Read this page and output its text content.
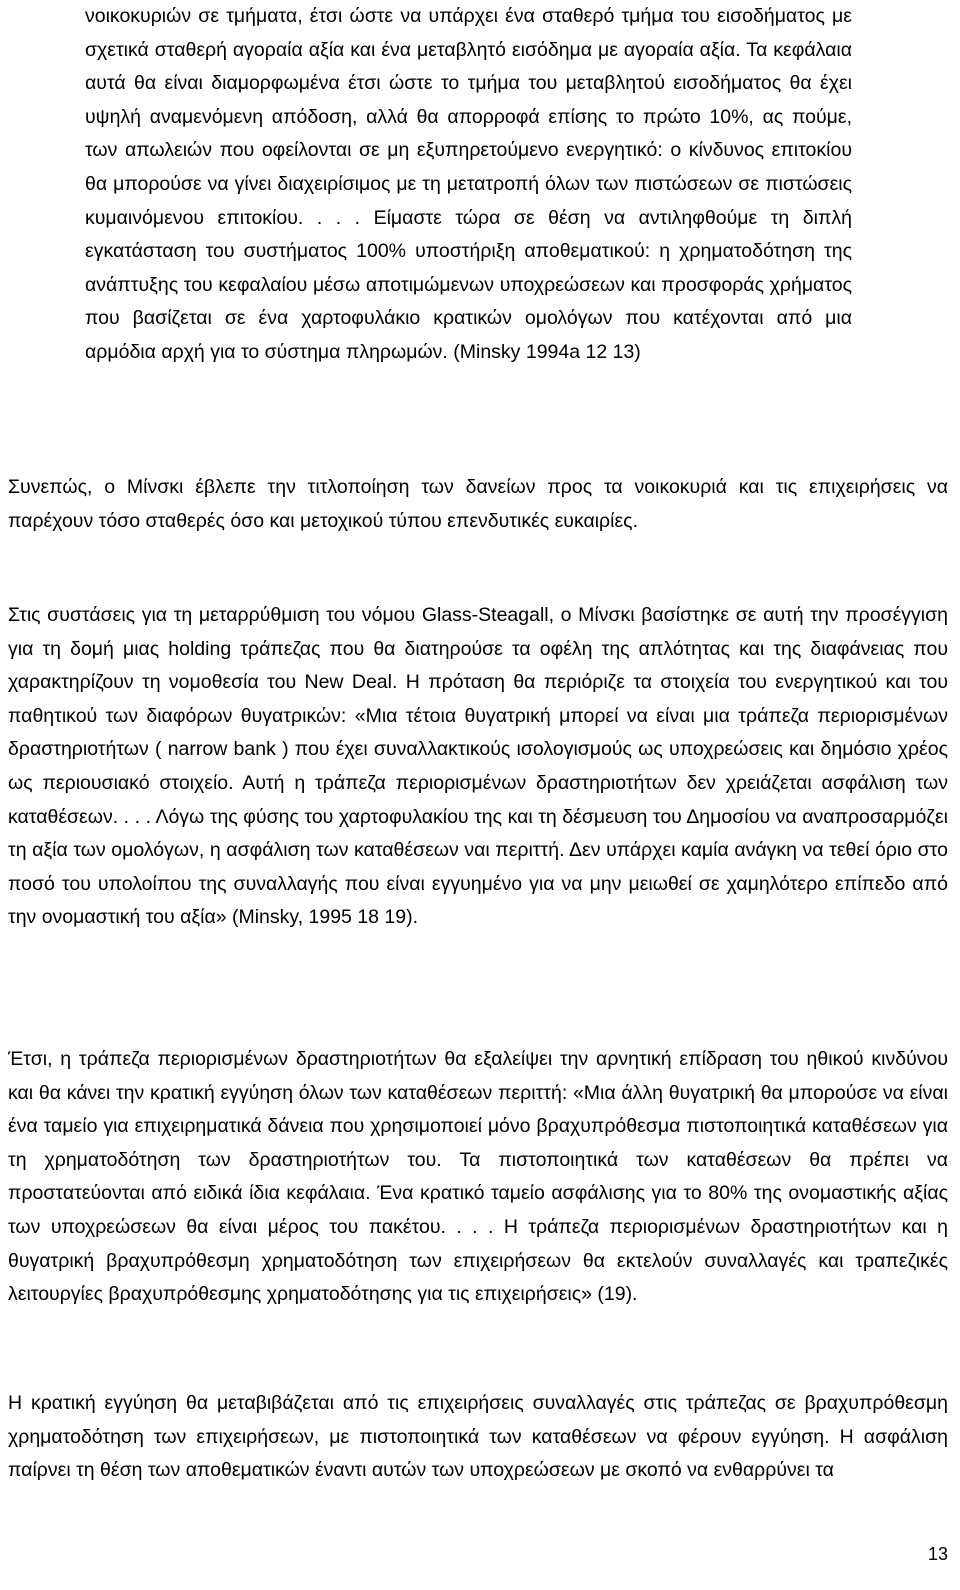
νοικοκυριών σε τμήματα, έτσι ώστε να υπάρχει ένα σταθερό τμήμα του εισοδήματος με σχετικά σταθερή αγοραία αξία και ένα μεταβλητό εισόδημα με αγοραία αξία. Τα κεφάλαια αυτά θα είναι διαμορφωμένα έτσι ώστε το τμήμα του μεταβλητού εισοδήματος θα έχει υψηλή αναμενόμενη απόδοση, αλλά θα απορροφά επίσης το πρώτο 10%, ας πούμε, των απωλειών που οφείλονται σε μη εξυπηρετούμενο ενεργητικό: ο κίνδυνος επιτοκίου θα μπορούσε να γίνει διαχειρίσιμος με τη μετατροπή όλων των πιστώσεων σε πιστώσεις κυμαινόμενου επιτοκίου. . . . Είμαστε τώρα σε θέση να αντιληφθούμε τη διπλή εγκατάσταση του συστήματος 100% υποστήριξη αποθεματικού: η χρηματοδότηση της ανάπτυξης του κεφαλαίου μέσω αποτιμώμενων υποχρεώσεων και προσφοράς χρήματος που βασίζεται σε ένα χαρτοφυλάκιο κρατικών ομολόγων που κατέχονται από μια αρμόδια αρχή για το σύστημα πληρωμών. (Minsky 1994a 12 13)

Συνεπώς, ο Μίνσκι έβλεπε την τιτλοποίηση των δανείων προς τα νοικοκυριά και τις επιχειρήσεις να παρέχουν τόσο σταθερές όσο και μετοχικού τύπου επενδυτικές ευκαιρίες.

Στις συστάσεις για τη μεταρρύθμιση του νόμου Glass-Steagall, ο Μίνσκι βασίστηκε σε αυτή την προσέγγιση για τη δομή μιας holding τράπεζας που θα διατηρούσε τα οφέλη της απλότητας και της διαφάνειας που χαρακτηρίζουν τη νομοθεσία του New Deal. Η πρόταση θα περιόριζε τα στοιχεία του ενεργητικού και του παθητικού των διαφόρων θυγατρικών: «Μια τέτοια θυγατρική μπορεί να είναι μια τράπεζα περιορισμένων δραστηριοτήτων ( narrow bank ) που έχει συναλλακτικούς ισολογισμούς ως υποχρεώσεις και δημόσιο χρέος ως περιουσιακό στοιχείο. Αυτή η τράπεζα περιορισμένων δραστηριοτήτων δεν χρειάζεται ασφάλιση των καταθέσεων. . . . Λόγω της φύσης του χαρτοφυλακίου της και τη δέσμευση του Δημοσίου να αναπροσαρμόζει τη αξία των ομολόγων, η ασφάλιση των καταθέσεων ναι περιττή. Δεν υπάρχει καμία ανάγκη να τεθεί όριο στο ποσό του υπολοίπου της συναλλαγής που είναι εγγυημένο για να μην μειωθεί σε χαμηλότερο επίπεδο από την ονομαστική του αξία» (Minsky, 1995 18 19).

Έτσι, η τράπεζα περιορισμένων δραστηριοτήτων θα εξαλείψει την αρνητική επίδραση του ηθικού κινδύνου και θα κάνει την κρατική εγγύηση όλων των καταθέσεων περιττή: «Μια άλλη θυγατρική θα μπορούσε να είναι ένα ταμείο για επιχειρηματικά δάνεια που χρησιμοποιεί μόνο βραχυπρόθεσμα πιστοποιητικά καταθέσεων για τη χρηματοδότηση των δραστηριοτήτων του. Τα πιστοποιητικά των καταθέσεων θα πρέπει να προστατεύονται από ειδικά ίδια κεφάλαια. Ένα κρατικό ταμείο ασφάλισης για το 80% της ονομαστικής αξίας των υποχρεώσεων θα είναι μέρος του πακέτου. . . . Η τράπεζα περιορισμένων δραστηριοτήτων και η θυγατρική βραχυπρόθεσμη χρηματοδότηση των επιχειρήσεων θα εκτελούν συναλλαγές και τραπεζικές λειτουργίες βραχυπρόθεσμης χρηματοδότησης για τις επιχειρήσεις» (19).

Η κρατική εγγύηση θα μεταβιβάζεται από τις επιχειρήσεις συναλλαγές στις τράπεζας σε βραχυπρόθεσμη χρηματοδότηση των επιχειρήσεων, με πιστοποιητικά των καταθέσεων να φέρουν εγγύηση. Η ασφάλιση παίρνει τη θέση των αποθεματικών έναντι αυτών των υποχρεώσεων με σκοπό να ενθαρρύνει τα

13
